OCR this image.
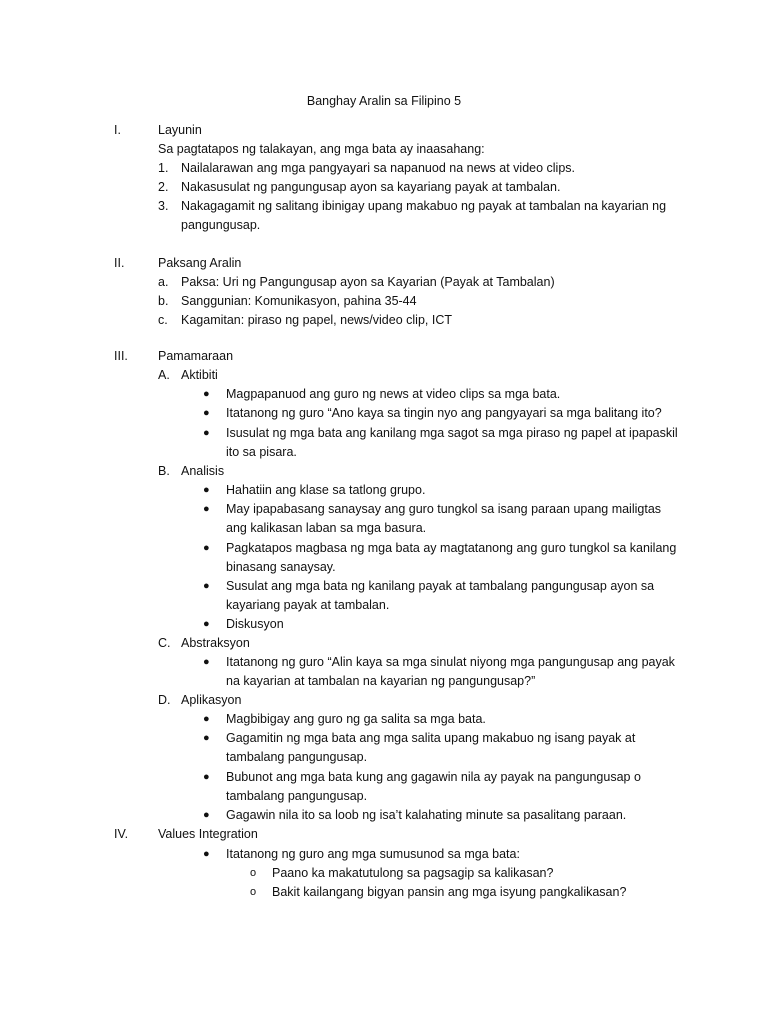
Banghay Aralin sa Filipino 5
I.	Layunin
Sa pagtatapos ng talakayan, ang mga bata ay inaasahang:
1. Nailalarawan ang mga pangyayari sa napanuod na news at video clips.
2. Nakasusulat ng pangungusap ayon sa kayariang payak at tambalan.
3. Nakagagamit ng salitang ibinigay upang makabuo ng payak at tambalan na kayarian ng
pangungusap.
II.	Paksang Aralin
a. Paksa: Uri ng Pangungusap ayon sa Kayarian (Payak at Tambalan)
b. Sanggunian: Komunikasyon, pahina 35-44
c. Kagamitan: piraso ng papel, news/video clip, ICT
III. Pamamaraan
A. Aktibiti
● Magpapanuod ang guro ng news at video clips sa mga bata.
● Itatanong ng guro “Ano kaya sa tingin nyo ang pangyayari sa mga balitang ito?
● Isusulat ng mga bata ang kanilang mga sagot sa mga piraso ng papel at ipapaskil
ito sa pisara.
B. Analisis
● Hahatiin ang klase sa tatlong grupo.
● May ipapabasang sanaysay ang guro tungkol sa isang paraan upang mailigtas
ang kalikasan laban sa mga basura.
● Pagkatapos magbasa ng mga bata ay magtatanong ang guro tungkol sa kanilang
binasang sanaysay.
● Susulat ang mga bata ng kanilang payak at tambalang pangungusap ayon sa
kayariang payak at tambalan.
● Diskusyon
C. Abstraksyon
● Itatanong ng guro “Alin kaya sa mga sinulat niyong mga pangungusap ang payak
na kayarian at tambalan na kayarian ng pangungusap?”
D. Aplikasyon
● Magbibigay ang guro ng ga salita sa mga bata.
● Gagamitin ng mga bata ang mga salita upang makabuo ng isang payak at
tambalang pangungusap.
● Bubunot ang mga bata kung ang gagawin nila ay payak na pangungusap o
tambalang pangungusap.
● Gagawin nila ito sa loob ng isa’t kalahating minute sa pasalitang paraan.
IV. Values Integration
● Itatanong ng guro ang mga sumusunod sa mga bata:
o Paano ka makatutulong sa pagsagip sa kalikasan?
o Bakit kailangang bigyan pansin ang mga isyung pangkalikasan?
